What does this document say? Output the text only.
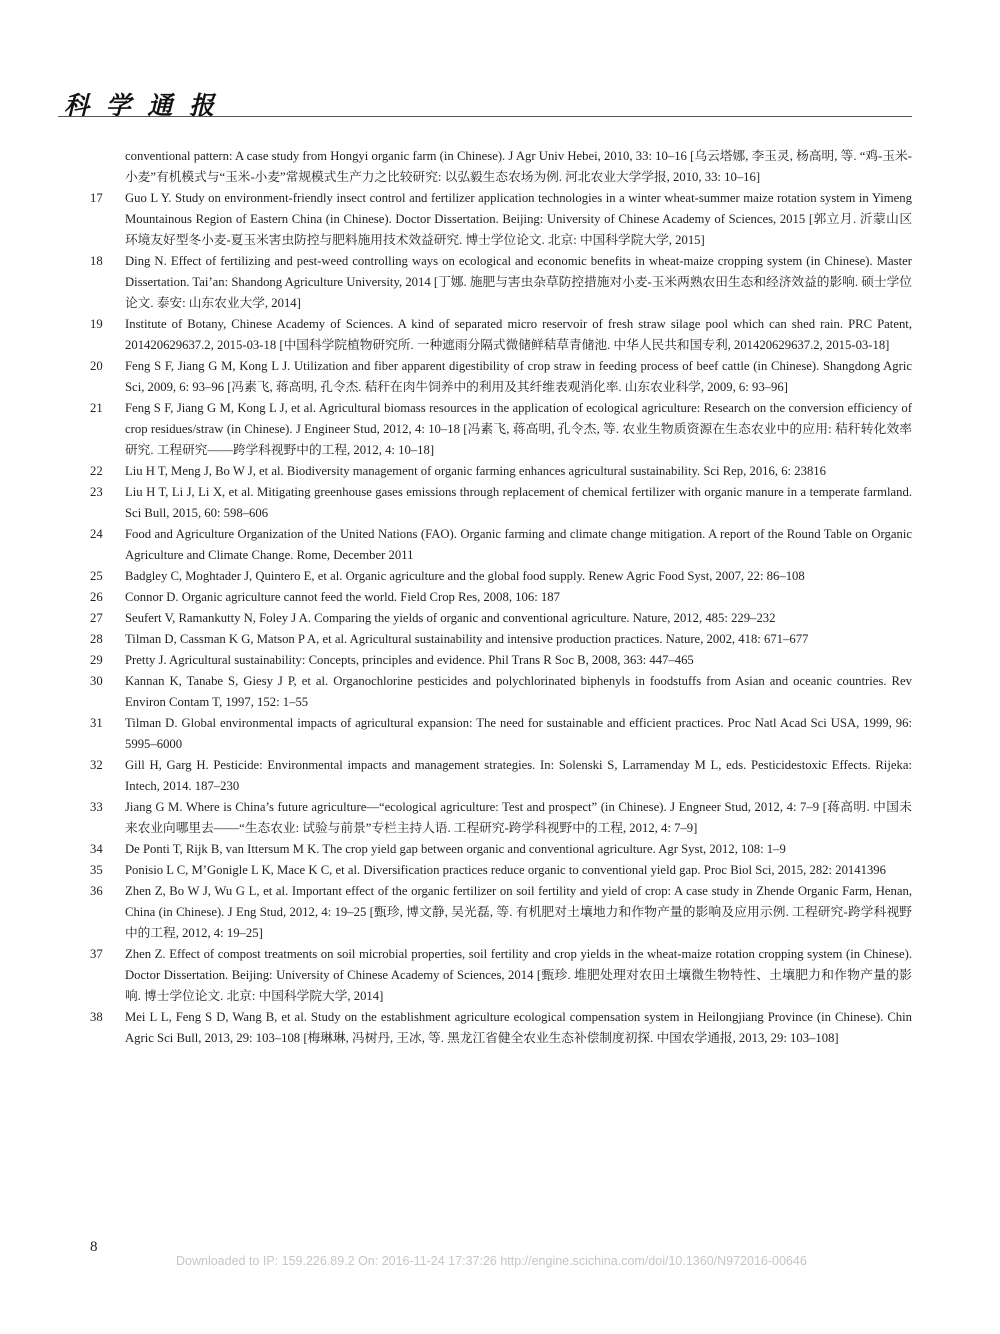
科 学 通 报
conventional pattern: A case study from Hongyi organic farm (in Chinese). J Agr Univ Hebei, 2010, 33: 10–16 [乌云塔娜, 李玉灵, 杨高明, 等. “鸡-玉米-小麦”有机模式与“玉米-小麦”常规模式生产力之比较研究: 以弘毅生态农场为例. 河北农业大学学报, 2010, 33: 10–16]
17	Guo L Y. Study on environment-friendly insect control and fertilizer application technologies in a winter wheat-summer maize rotation system in Yimeng Mountainous Region of Eastern China (in Chinese). Doctor Dissertation. Beijing: University of Chinese Academy of Sciences, 2015 [郭立月. 沂蒙山区环境友好型冬小麦-夏玉米害虫防控与肥料施用技术效益研究. 博士学位论文. 北京: 中国科学院大学, 2015]
18	Ding N. Effect of fertilizing and pest-weed controlling ways on ecological and economic benefits in wheat-maize cropping system (in Chinese). Master Dissertation. Tai’an: Shandong Agriculture University, 2014 [丁娜. 施肥与害虫杂草防控措施对小麦-玉米两熟农田生态和经济效益的影响. 硕士学位论文. 泰安: 山东农业大学, 2014]
19	Institute of Botany, Chinese Academy of Sciences. A kind of separated micro reservoir of fresh straw silage pool which can shed rain. PRC Patent, 201420629637.2, 2015-03-18 [中国科学院植物研究所. 一种遮雨分隔式微储鲜秸草青储池. 中华人民共和国专利, 201420629637.2, 2015-03-18]
20	Feng S F, Jiang G M, Kong L J. Utilization and fiber apparent digestibility of crop straw in feeding process of beef cattle (in Chinese). Shangdong Agric Sci, 2009, 6: 93–96 [冯素飞, 蒋高明, 孔令杰. 秸秆在肉牛饲养中的利用及其纤维表观消化率. 山东农业科学, 2009, 6: 93–96]
21	Feng S F, Jiang G M, Kong L J, et al. Agricultural biomass resources in the application of ecological agriculture: Research on the conversion efficiency of crop residues/straw (in Chinese). J Engineer Stud, 2012, 4: 10–18 [冯素飞, 蒋高明, 孔令杰, 等. 农业生物质资源在生态农业中的应用: 秸秆转化效率研究. 工程研究——跨学科视野中的工程, 2012, 4: 10–18]
22	Liu H T, Meng J, Bo W J, et al. Biodiversity management of organic farming enhances agricultural sustainability. Sci Rep, 2016, 6: 23816
23	Liu H T, Li J, Li X, et al. Mitigating greenhouse gases emissions through replacement of chemical fertilizer with organic manure in a temperate farmland. Sci Bull, 2015, 60: 598–606
24	Food and Agriculture Organization of the United Nations (FAO). Organic farming and climate change mitigation. A report of the Round Table on Organic Agriculture and Climate Change. Rome, December 2011
25	Badgley C, Moghtader J, Quintero E, et al. Organic agriculture and the global food supply. Renew Agric Food Syst, 2007, 22: 86–108
26	Connor D. Organic agriculture cannot feed the world. Field Crop Res, 2008, 106: 187
27	Seufert V, Ramankutty N, Foley J A. Comparing the yields of organic and conventional agriculture. Nature, 2012, 485: 229–232
28	Tilman D, Cassman K G, Matson P A, et al. Agricultural sustainability and intensive production practices. Nature, 2002, 418: 671–677
29	Pretty J. Agricultural sustainability: Concepts, principles and evidence. Phil Trans R Soc B, 2008, 363: 447–465
30	Kannan K, Tanabe S, Giesy J P, et al. Organochlorine pesticides and polychlorinated biphenyls in foodstuffs from Asian and oceanic countries. Rev Environ Contam T, 1997, 152: 1–55
31	Tilman D. Global environmental impacts of agricultural expansion: The need for sustainable and efficient practices. Proc Natl Acad Sci USA, 1999, 96: 5995–6000
32	Gill H, Garg H. Pesticide: Environmental impacts and management strategies. In: Solenski S, Larramenday M L, eds. Pesticidestoxic Effects. Rijeka: Intech, 2014. 187–230
33	Jiang G M. Where is China’s future agriculture—“ecological agriculture: Test and prospect” (in Chinese). J Engneer Stud, 2012, 4: 7–9 [蒋高明. 中国未来农业向哪里去——“生态农业: 试验与前景”专栏主持人语. 工程研究-跨学科视野中的工程, 2012, 4: 7–9]
34	De Ponti T, Rijk B, van Ittersum M K. The crop yield gap between organic and conventional agriculture. Agr Syst, 2012, 108: 1–9
35	Ponisio L C, M’Gonigle L K, Mace K C, et al. Diversification practices reduce organic to conventional yield gap. Proc Biol Sci, 2015, 282: 20141396
36	Zhen Z, Bo W J, Wu G L, et al. Important effect of the organic fertilizer on soil fertility and yield of crop: A case study in Zhende Organic Farm, Henan, China (in Chinese). J Eng Stud, 2012, 4: 19–25 [甄珍, 博文静, 吴光磊, 等. 有机肥对土壤地力和作物产量的影响及应用示例. 工程研究-跨学科视野中的工程, 2012, 4: 19–25]
37	Zhen Z. Effect of compost treatments on soil microbial properties, soil fertility and crop yields in the wheat-maize rotation cropping system (in Chinese). Doctor Dissertation. Beijing: University of Chinese Academy of Sciences, 2014 [甄珍. 堆肥处理对农田土壤微生物特性、土壤肥力和作物产量的影响. 博士学位论文. 北京: 中国科学院大学, 2014]
38	Mei L L, Feng S D, Wang B, et al. Study on the establishment agriculture ecological compensation system in Heilongjiang Province (in Chinese). Chin Agric Sci Bull, 2013, 29: 103–108 [梅琳琳, 冯树丹, 王冰, 等. 黑龙江省健全农业生态补偿制度初探. 中国农学通报, 2013, 29: 103–108]
8
Downloaded to IP: 159.226.89.2 On: 2016-11-24 17:37:26 http://engine.scichina.com/doi/10.1360/N972016-00646
